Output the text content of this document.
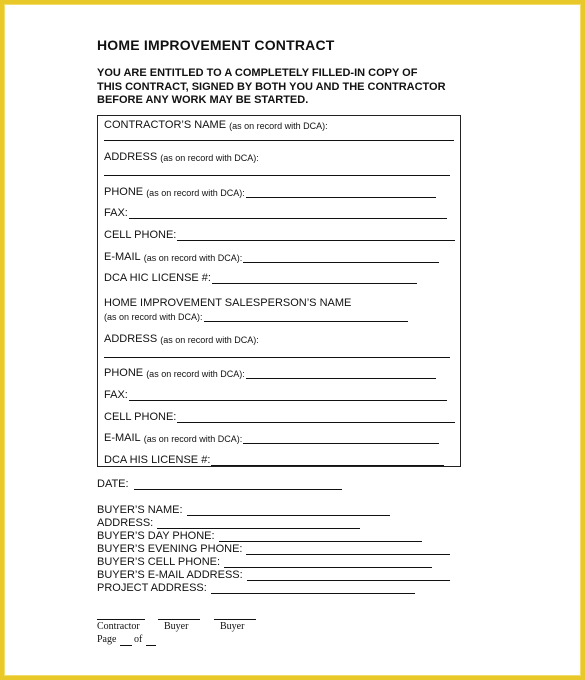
HOME IMPROVEMENT CONTRACT
YOU ARE ENTITLED TO A COMPLETELY FILLED-IN COPY OF
THIS CONTRACT, SIGNED BY BOTH YOU AND THE CONTRACTOR
BEFORE ANY WORK MAY BE STARTED.
CONTRACTOR’S NAME
(as on record with DCA):
ADDRESS
(as on record with DCA):
PHONE
(as on record with DCA):
FAX:
CELL PHONE:
E-MAIL
(as on record with DCA):
DCA HIC LICENSE #:
HOME IMPROVEMENT SALESPERSON’S NAME
(as on record with DCA):
ADDRESS
(as on record with DCA):
PHONE
(as on record with DCA):
FAX:
CELL PHONE:
E-MAIL
(as on record with DCA):
DCA HIS LICENSE #:
DATE:
BUYER’S NAME:
ADDRESS:
BUYER’S DAY PHONE:
BUYER’S EVENING PHONE:
BUYER’S CELL PHONE:
BUYER’S E-MAIL ADDRESS:
PROJECT ADDRESS:
Contractor Buyer	Buyer
Page of
